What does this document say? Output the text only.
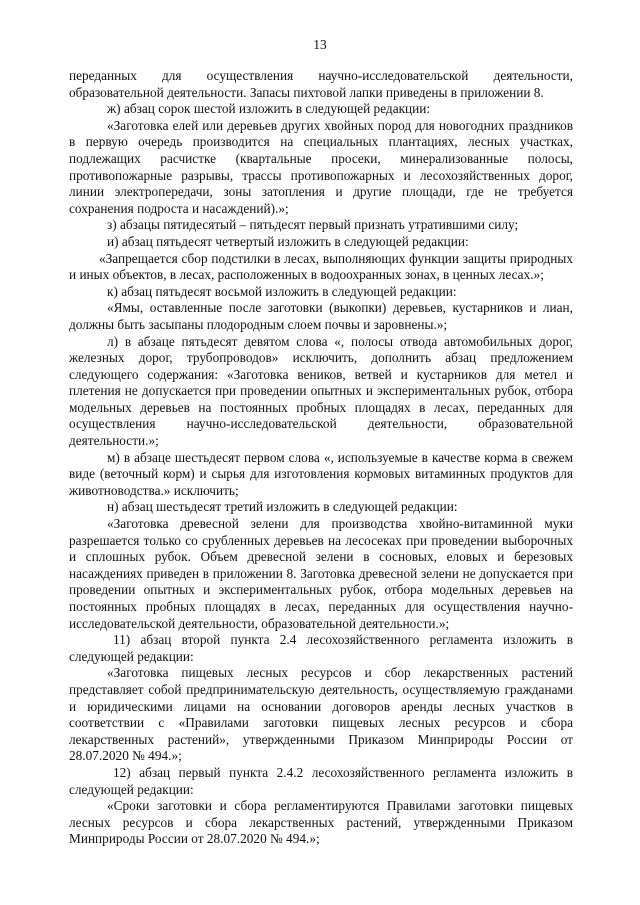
13

переданных для осуществления научно-исследовательской деятельности, образовательной деятельности. Запасы пихтовой лапки приведены в приложении 8.

ж) абзац сорок шестой изложить в следующей редакции:

«Заготовка елей или деревьев других хвойных пород для новогодних праздников в первую очередь производится на специальных плантациях, лесных участках, подлежащих расчистке (квартальные просеки, минерализованные полосы, противопожарные разрывы, трассы противопожарных и лесохозяйственных дорог, линии электропередачи, зоны затопления и другие площади, где не требуется сохранения подроста и насаждений).»;

з) абзацы пятидесятый – пятьдесят первый признать утратившими силу;

и) абзац пятьдесят четвертый изложить в следующей редакции:

«Запрещается сбор подстилки в лесах, выполняющих функции защиты природных и иных объектов, в лесах, расположенных в водоохранных зонах, в ценных лесах.»;

к) абзац пятьдесят восьмой изложить в следующей редакции:

«Ямы, оставленные после заготовки (выкопки) деревьев, кустарников и лиан, должны быть засыпаны плодородным слоем почвы и заровнены.»;

л) в абзаце пятьдесят девятом слова «, полосы отвода автомобильных дорог, железных дорог, трубопроводов» исключить, дополнить абзац предложением следующего содержания: «Заготовка веников, ветвей и кустарников для метел и плетения не допускается при проведении опытных и экспериментальных рубок, отбора модельных деревьев на постоянных пробных площадях в лесах, переданных для осуществления научно-исследовательской деятельности, образовательной деятельности.»;

м) в абзаце шестьдесят первом слова «, используемые в качестве корма в свежем виде (веточный корм) и сырья для изготовления кормовых витаминных продуктов для животноводства.» исключить;

н) абзац шестьдесят третий изложить в следующей редакции:

«Заготовка древесной зелени для производства хвойно-витаминной муки разрешается только со срубленных деревьев на лесосеках при проведении выборочных и сплошных рубок. Объем древесной зелени в сосновых, еловых и березовых насаждениях приведен в приложении 8. Заготовка древесной зелени не допускается при проведении опытных и экспериментальных рубок, отбора модельных деревьев на постоянных пробных площадях в лесах, переданных для осуществления научно-исследовательской деятельности, образовательной деятельности.»;

11) абзац второй пункта 2.4 лесохозяйственного регламента изложить в следующей редакции:

«Заготовка пищевых лесных ресурсов и сбор лекарственных растений представляет собой предпринимательскую деятельность, осуществляемую гражданами и юридическими лицами на основании договоров аренды лесных участков в соответствии с «Правилами заготовки пищевых лесных ресурсов и сбора лекарственных растений», утвержденными Приказом Минприроды России от 28.07.2020 № 494.»;

12) абзац первый пункта 2.4.2 лесохозяйственного регламента изложить в следующей редакции:

«Сроки заготовки и сбора регламентируются Правилами заготовки пищевых лесных ресурсов и сбора лекарственных растений, утвержденными Приказом Минприроды России от 28.07.2020 № 494.»;
